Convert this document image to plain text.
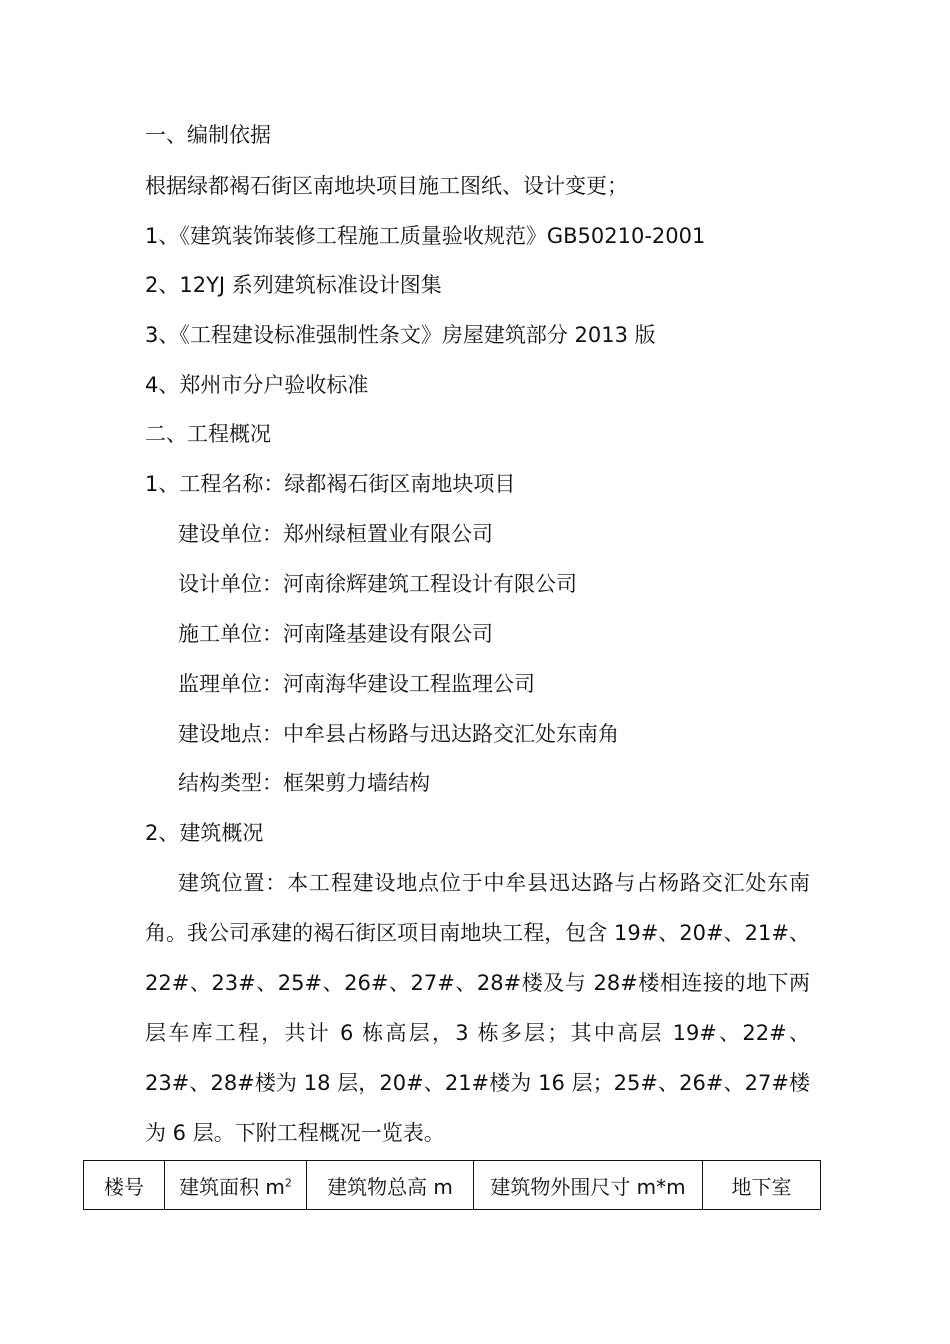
一、编制依据
根据绿都褐石街区南地块项目施工图纸、设计变更；
1、《建筑装饰装修工程施工质量验收规范》GB50210-2001
2、12YJ 系列建筑标准设计图集
3、《工程建设标准强制性条文》房屋建筑部分 2013 版
4、郑州市分户验收标准
二、工程概况
1、工程名称：绿都褐石街区南地块项目
建设单位：郑州绿桓置业有限公司
设计单位：河南徐辉建筑工程设计有限公司
施工单位：河南隆基建设有限公司
监理单位：河南海华建设工程监理公司
建设地点：中牟县占杨路与迅达路交汇处东南角
结构类型：框架剪力墙结构
2、建筑概况
建筑位置：本工程建设地点位于中牟县迅达路与占杨路交汇处东南角。我公司承建的褐石街区项目南地块工程，包含 19#、20#、21#、22#、23#、25#、26#、27#、28#楼及与 28#楼相连接的地下两层车库工程，共计 6 栋高层，3 栋多层；其中高层 19#、22#、23#、28#楼为 18 层，20#、21#楼为 16 层；25#、26#、27#楼为 6 层。下附工程概况一览表。
楼号	建筑面积 $m^2$	建筑物总高 m	建筑物外围尺寸 m*m	地下室
